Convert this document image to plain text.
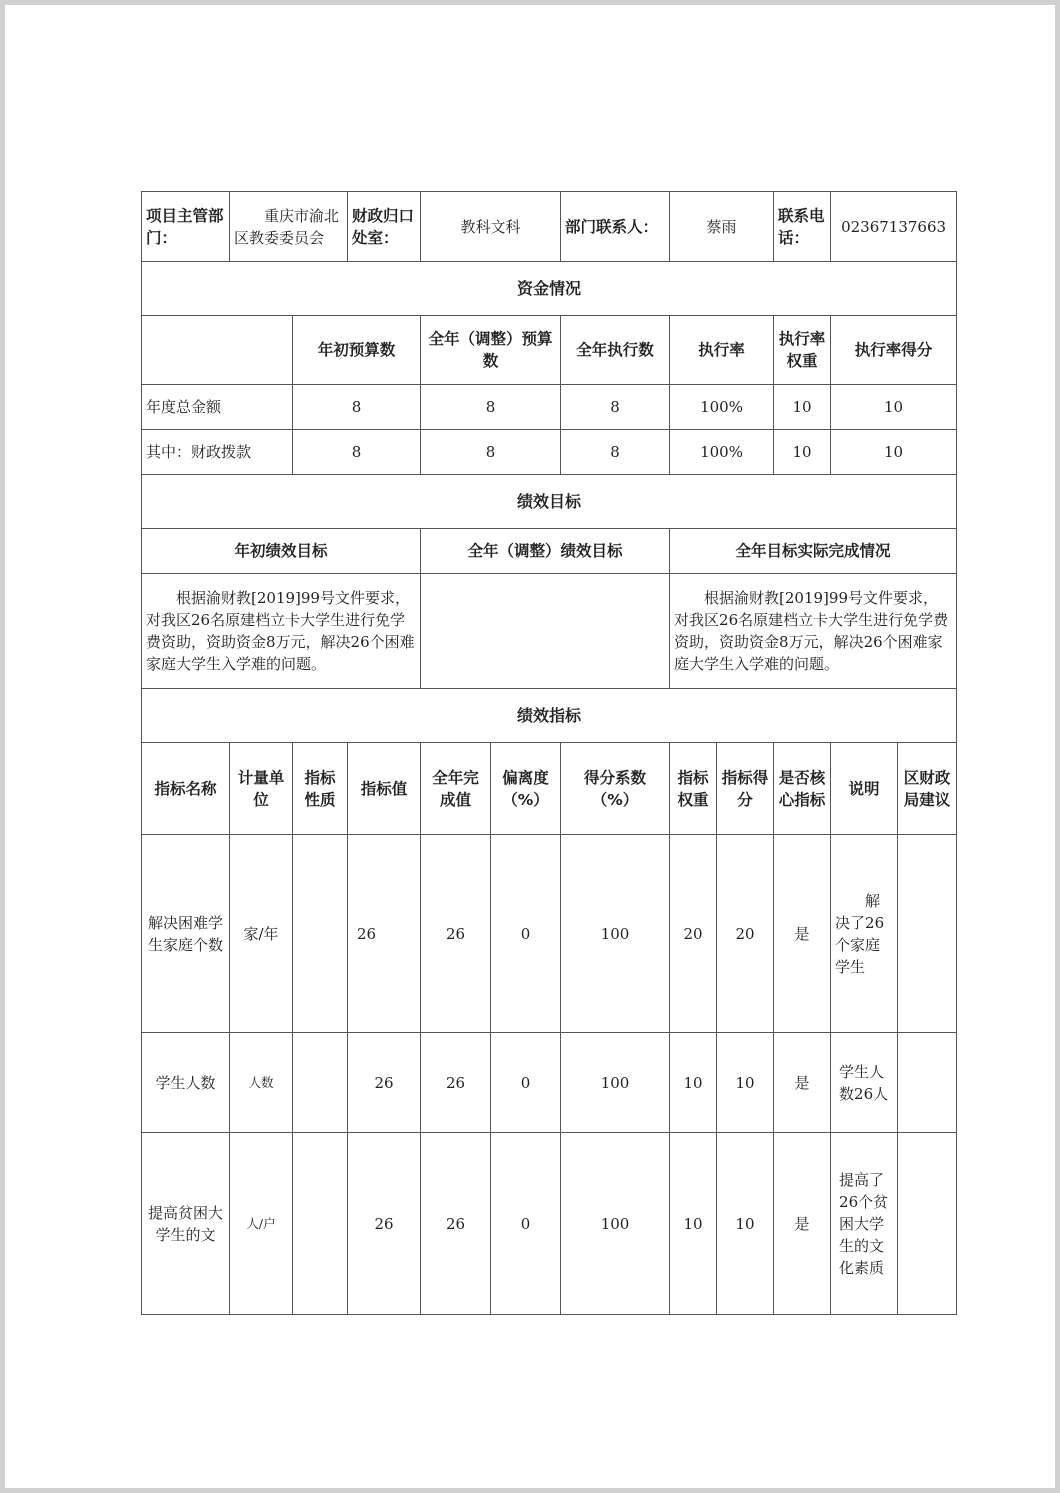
项目主管部门：	重庆市渝北区教委委员会		财政归口处室：	教科文科		部门联系人：	蔡雨		联系电话：	02367137663	
资金情况											
		年初预算数		全年（调整）预算数		全年执行数	执行率		执行率权重	执行率得分	
年度总金额		8		8		8	100%		10	10	
其中：财政拨款		8		8		8	100%		10	10	
绩效目标											
年初绩效目标				全年（调整）绩效目标			全年目标实际完成情况				
根据渝财教[2019]99号文件要求，对我区26名原建档立卡大学生进行免学费资助，资助资金8万元，解决26个困难家庭大学生入学难的问题。							根据渝财教[2019]99号文件要求，对我区26名原建档立卡大学生进行免学费资助，资助资金8万元，解决26个困难家庭大学生入学难的问题。				
绩效指标											
指标名称	计量单位	指标性质	指标值	全年完成值	偏离度（%）	得分系数（%）	指标权重	指标得分	是否核心指标	说明	区财政局建议
解决困难学生家庭个数	家/年		26	26	0	100	20	20	是	解决了26个家庭学生	
学生人数	人数		26	26	0	100	10	10	是	学生人数26人	
提高贫困大学生的文	人/户		26	26	0	100	10	10	是	提高了26个贫困大学生的文化素质	
